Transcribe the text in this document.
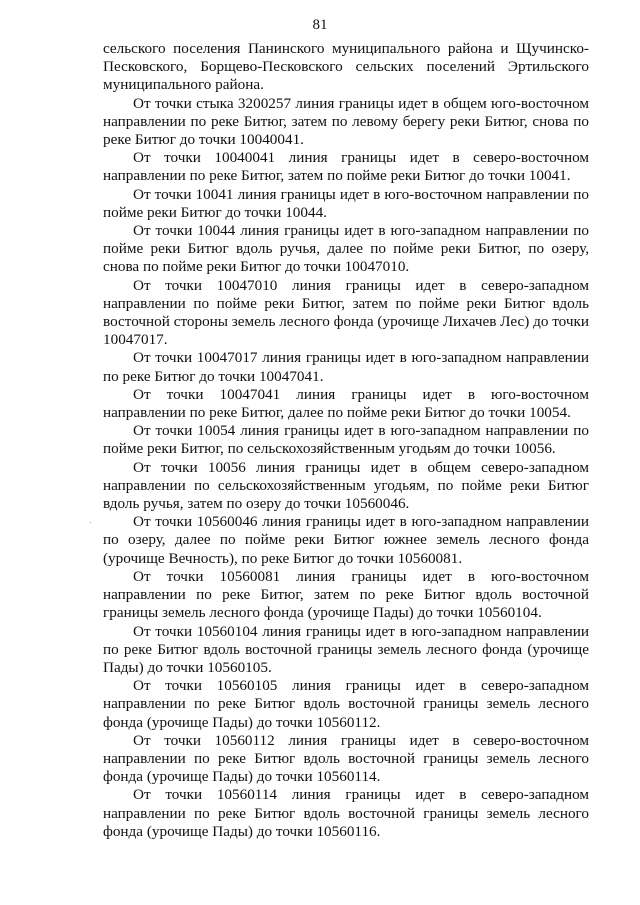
81

сельского поселения Панинского муниципального района и Щучинско-Песковского, Борщево-Песковского сельских поселений Эртильского муниципального района.

От точки стыка 3200257 линия границы идет в общем юго-восточном направлении по реке Битюг, затем по левому берегу реки Битюг, снова по реке Битюг до точки 10040041.

От точки 10040041 линия границы идет в северо-восточном направлении по реке Битюг, затем по пойме реки Битюг до точки 10041.

От точки 10041 линия границы идет в юго-восточном направлении по пойме реки Битюг до точки 10044.

От точки 10044 линия границы идет в юго-западном направлении по пойме реки Битюг вдоль ручья, далее по пойме реки Битюг, по озеру, снова по пойме реки Битюг до точки 10047010.

От точки 10047010 линия границы идет в северо-западном направлении по пойме реки Битюг, затем по пойме реки Битюг вдоль восточной стороны земель лесного фонда (урочище Лихачев Лес) до точки 10047017.

От точки 10047017 линия границы идет в юго-западном направлении по реке Битюг до точки 10047041.

От точки 10047041 линия границы идет в юго-восточном направлении по реке Битюг, далее по пойме реки Битюг до точки 10054.

От точки 10054 линия границы идет в юго-западном направлении по пойме реки Битюг, по сельскохозяйственным угодьям до точки 10056.

От точки 10056 линия границы идет в общем северо-западном направлении по сельскохозяйственным угодьям, по пойме реки Битюг вдоль ручья, затем по озеру до точки 10560046.

От точки 10560046 линия границы идет в юго-западном направлении по озеру, далее по пойме реки Битюг южнее земель лесного фонда (урочище Вечность), по реке Битюг до точки 10560081.

От точки 10560081 линия границы идет в юго-восточном направлении по реке Битюг, затем по реке Битюг вдоль восточной границы земель лесного фонда (урочище Пады) до точки 10560104.

От точки 10560104 линия границы идет в юго-западном направлении по реке Битюг вдоль восточной границы земель лесного фонда (урочище Пады) до точки 10560105.

От точки 10560105 линия границы идет в северо-западном направлении по реке Битюг вдоль восточной границы земель лесного фонда (урочище Пады) до точки 10560112.

От точки 10560112 линия границы идет в северо-восточном направлении по реке Битюг вдоль восточной границы земель лесного фонда (урочище Пады) до точки 10560114.

От точки 10560114 линия границы идет в северо-западном направлении по реке Битюг вдоль восточной границы земель лесного фонда (урочище Пады) до точки 10560116.
